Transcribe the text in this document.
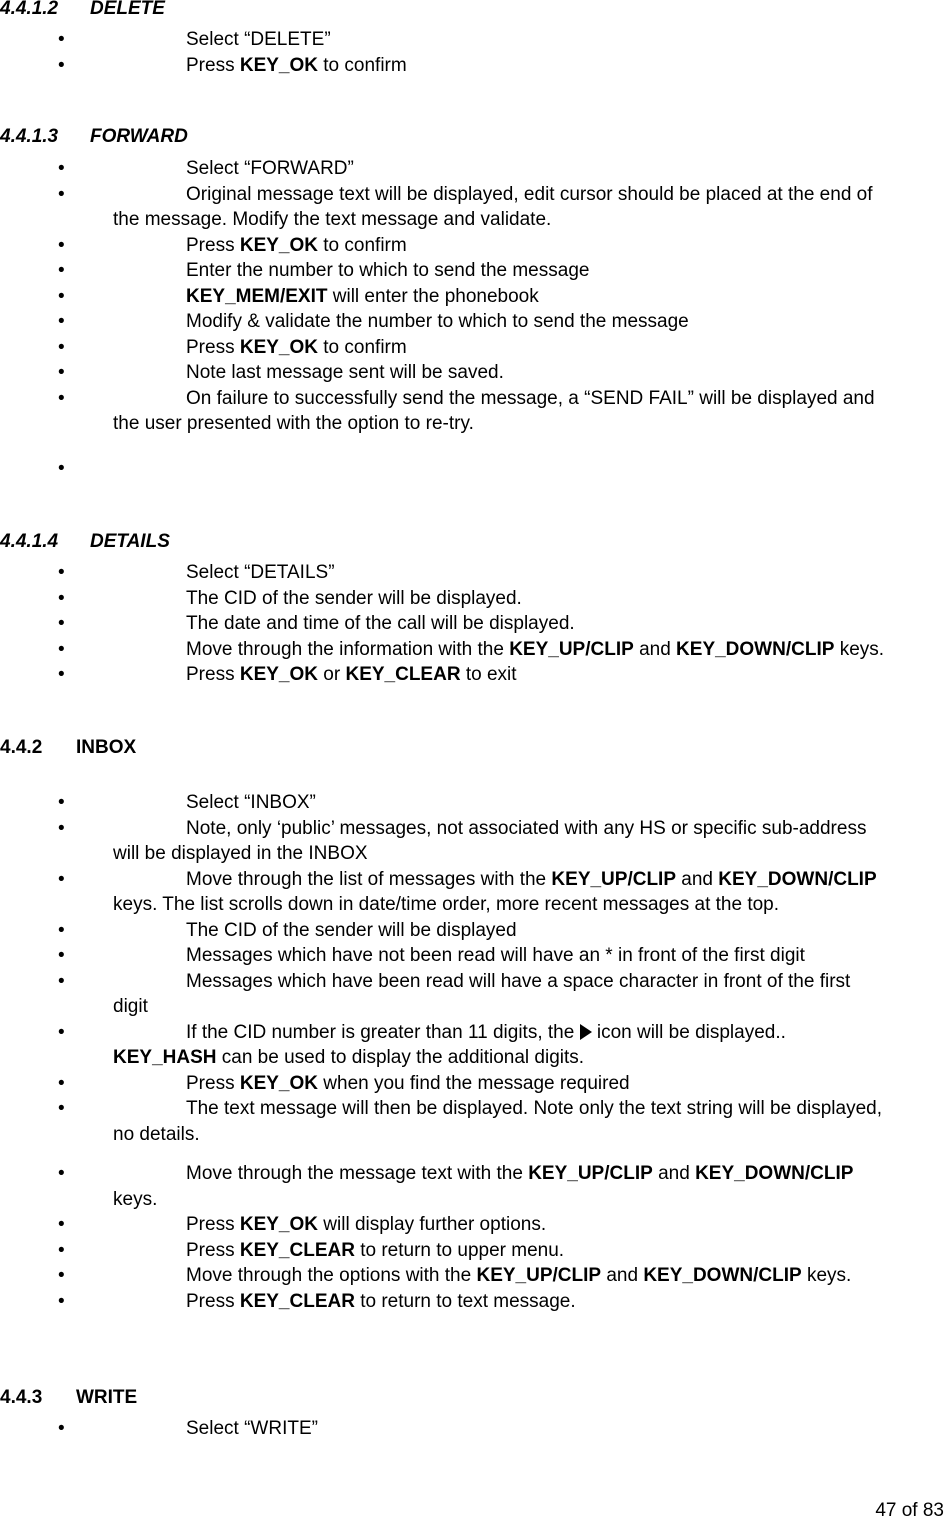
4.4.1.2 DELETE
•	Select “DELETE”
•	Press KEY_OK to confirm
4.4.1.3 FORWARD
•	Select “FORWARD”
•	Original message text will be displayed, edit cursor should be placed at the end of
the message. Modify the text message and validate.
•	Press KEY_OK to confirm
•	Enter the number to which to send the message
•	KEY_MEM/EXIT will enter the phonebook
•	Modify & validate the number to which to send the message
•	Press KEY_OK to confirm
•	Note last message sent will be saved.
•	On failure to successfully send the message, a “SEND FAIL” will be displayed and
the user presented with the option to re-try.
•

4.4.1.4 DETAILS
•	Select “DETAILS”
•	The CID of the sender will be displayed.
•	The date and time of the call will be displayed.
•	Move through the information with the KEY_UP/CLIP and KEY_DOWN/CLIP keys.
•	Press KEY_OK or KEY_CLEAR to exit
4.4.2 INBOX
•	Select “INBOX”
•	Note, only ‘public’ messages, not associated with any HS or specific sub-address
will be displayed in the INBOX
•	Move through the list of messages with the KEY_UP/CLIP and KEY_DOWN/CLIP
keys. The list scrolls down in date/time order, more recent messages at the top.
•	The CID of the sender will be displayed
•	Messages which have not been read will have an * in front of the first digit
•	Messages which have been read will have a space character in front of the first
digit
•	If the CID number is greater than 11 digits, the icon will be displayed..
KEY_HASH can be used to display the additional digits.
•	Press KEY_OK when you find the message required
•	The text message will then be displayed. Note only the text string will be displayed,
no details.
•	Move through the message text with the KEY_UP/CLIP and KEY_DOWN/CLIP
keys.
•	Press KEY_OK will display further options.
•	Press KEY_CLEAR to return to upper menu.
•	Move through the options with the KEY_UP/CLIP and KEY_DOWN/CLIP keys.
•	Press KEY_CLEAR to return to text message.
4.4.3 WRITE
•	Select “WRITE”
47 of 83
